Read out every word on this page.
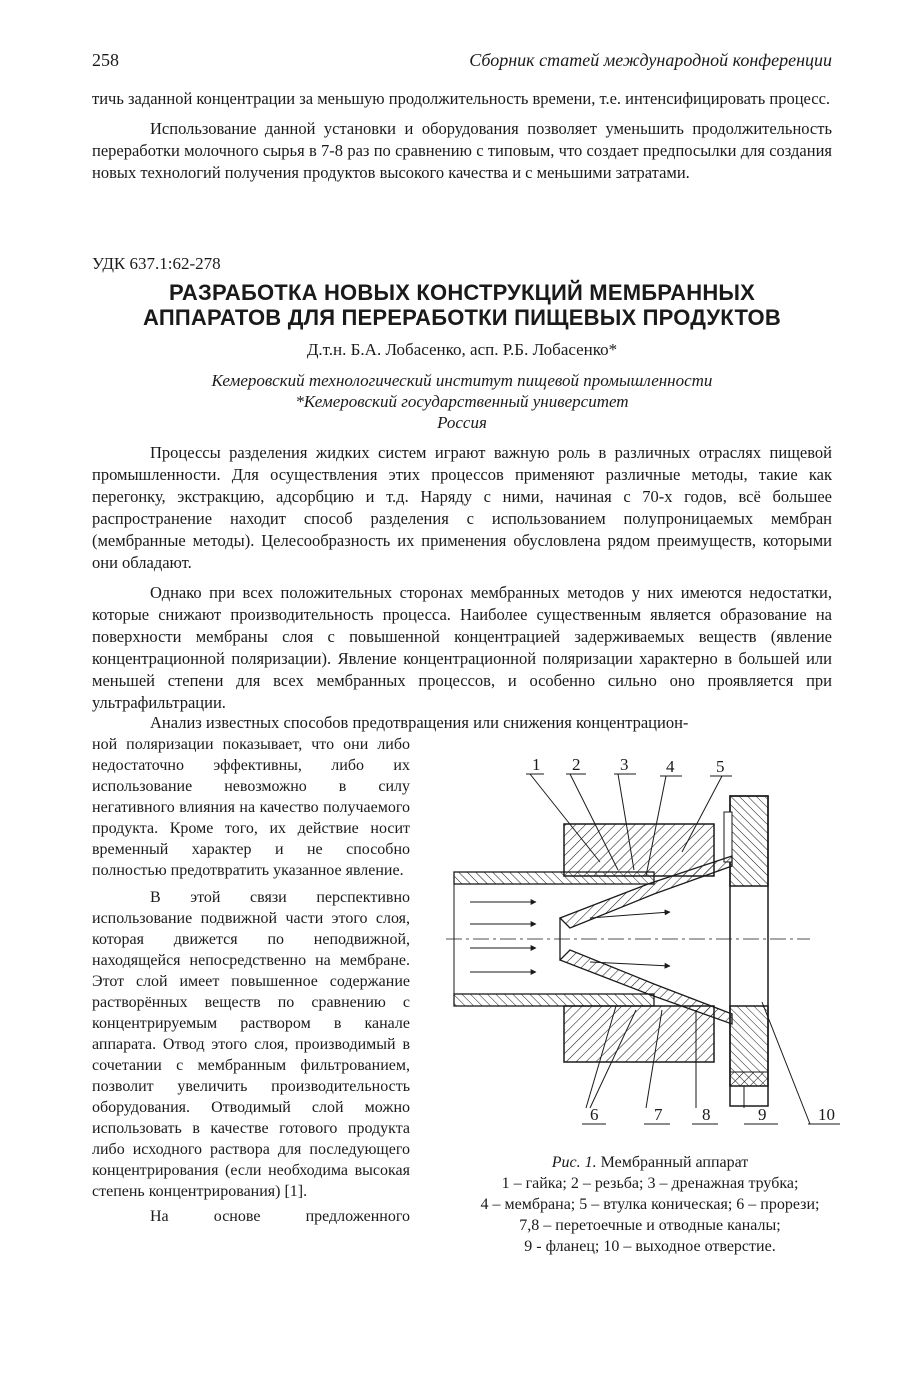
258	Сборник статей международной конференции

тичь заданной концентрации за меньшую продолжительность времени, т.е. интенсифицировать процесс.

Использование данной установки и оборудования позволяет уменьшить продолжительность переработки молочного сырья в 7-8 раз по сравнению с типовым, что создает предпосылки для создания новых технологий получения продуктов высокого качества и с меньшими затратами.

УДК 637.1:62-278
РАЗРАБОТКА НОВЫХ КОНСТРУКЦИЙ МЕМБРАННЫХ
АППАРАТОВ ДЛЯ ПЕРЕРАБОТКИ ПИЩЕВЫХ ПРОДУКТОВ
Д.т.н. Б.А. Лобасенко, асп. Р.Б. Лобасенко*
Кемеровский технологический институт пищевой промышленности
*Кемеровский государственный университет
Россия

Процессы разделения жидких систем играют важную роль в различных отраслях пищевой промышленности. Для осуществления этих процессов применяют различные методы, такие как перегонку, экстракцию, адсорбцию и т.д. Наряду с ними, начиная с 70-х годов, всё большее распространение находит способ разделения с использованием полупроницаемых мембран (мембранные методы). Целесообразность их применения обусловлена рядом преимуществ, которыми они обладают.

Однако при всех положительных сторонах мембранных методов у них имеются недостатки, которые снижают производительность процесса. Наиболее существенным является образование на поверхности мембраны слоя с повышенной концентрацией задерживаемых веществ (явление концентрационной поляризации). Явление концентрационной поляризации характерно в большей или меньшей степени для всех мембранных процессов, и особенно сильно оно проявляется при ультрафильтрации.

Анализ известных способов предотвращения или снижения концентрацион-

ной поляризации показывает, что они либо недостаточно эффективны, либо их использование невозможно в силу негативного влияния на качество получаемого продукта. Кроме того, их действие носит временный характер и не способно полностью предотвратить указанное явление.

В этой связи перспективно использование подвижной части этого слоя, которая движется по неподвижной, находящейся непосредственно на мембране. Этот слой имеет повышенное содержание растворённых веществ по сравнению с концентрируемым раствором в канале аппарата. Отвод этого слоя, производимый в сочетании с мембранным фильтрованием, позволит увеличить производительность оборудования. Отводимый слой можно использовать в качестве готового продукта либо исходного раствора для последующего концентрирования (если необходима высокая степень концентрирования) [1].

На основе предложенного

1 2 3 4 5
6	7 8	9	10
Рис. 1. Мембранный аппарат
1 – гайка; 2 – резьба; 3 – дренажная трубка;
4 – мембрана; 5 – втулка коническая; 6 – прорези;
7,8 – перетоечные и отводные каналы;
9 - фланец; 10 – выходное отверстие.
